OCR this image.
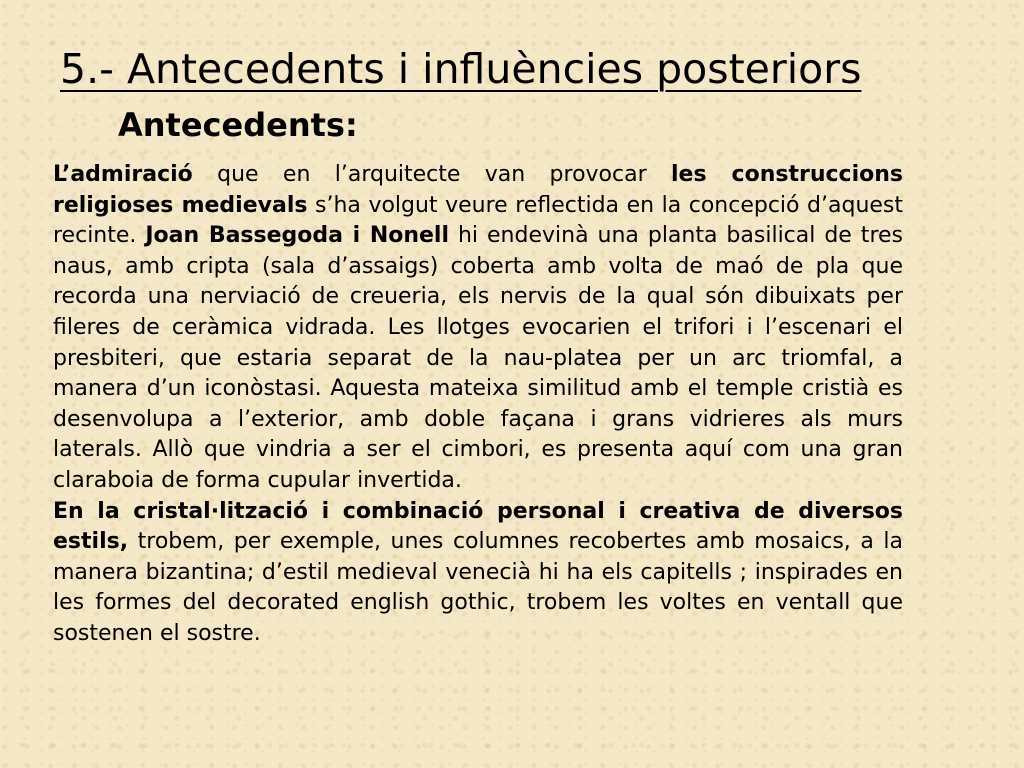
5.- Antecedents i influències posteriors
Antecedents:

L’admiració que en l’arquitecte van provocar les construccions religioses medievals s’ha volgut veure reflectida en la concepció d’aquest recinte. Joan Bassegoda i Nonell hi endevinà una planta basilical de tres naus, amb cripta (sala d’assaigs) coberta amb volta de maó de pla que recorda una nerviació de creueria, els nervis de la qual són dibuixats per fileres de ceràmica vidrada. Les llotges evocarien el trifori i l’escenari el presbiteri, que estaria separat de la nau-platea per un arc triomfal, a manera d’un iconòstasi. Aquesta mateixa similitud amb el temple cristià es desenvolupa a l’exterior, amb doble façana i grans vidrieres als murs laterals. Allò que vindria a ser el cimbori, es presenta aquí com una gran claraboia de forma cupular invertida.

En la cristal·lització i combinació personal i creativa de diversos estils, trobem, per exemple, unes columnes recobertes amb mosaics, a la manera bizantina; d’estil medieval venecià hi ha els capitells ; inspirades en les formes del decorated english gothic, trobem les voltes en ventall que sostenen el sostre.
